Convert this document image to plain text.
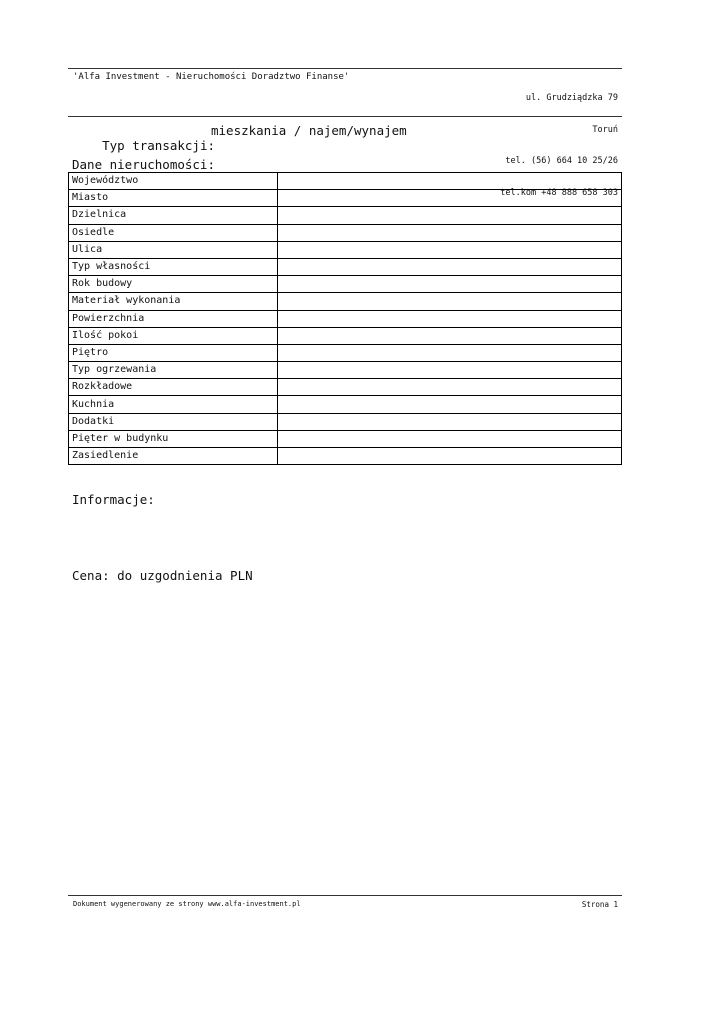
'Alfa Investment - Nieruchomości Doradztwo Finanse'

ul. Grudziądzka 79

Toruń

tel. (56) 664 10 25/26

tel.kom +48 888 658 303

Typ transakcji:

mieszkania / najem/wynajem

Dane nieruchomości:
Województwo	
Miasto	
Dzielnica	
Osiedle	
Ulica	
Typ własności	
Rok budowy	
Materiał wykonania	
Powierzchnia	
Ilość pokoi	
Piętro	
Typ ogrzewania	
Rozkładowe	
Kuchnia	
Dodatki	
Pięter w budynku	
Zasiedlenie	
Informacje:
Cena: do uzgodnienia PLN
Dokument wygenerowany ze strony www.alfa-investment.pl	Strona 1
